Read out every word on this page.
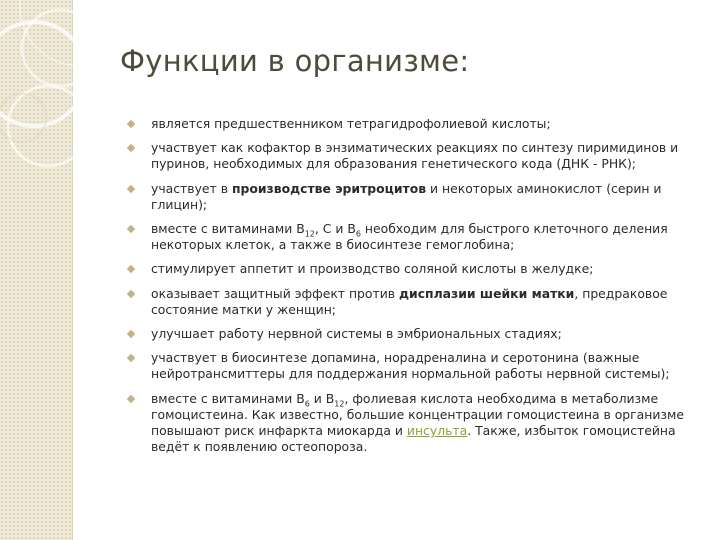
Функции в организме:
является предшественником тетрагидрофолиевой кислоты;
участвует как кофактор в энзиматических реакциях по синтезу пиримидинов и пуринов, необходимых для образования генетического кода (ДНК - РНК);
участвует в производстве эритроцитов и некоторых аминокислот (серин и глицин);
вместе с витаминами $В_{12}$, С и $В_6$ необходим для быстрого клеточного деления некоторых клеток, а также в биосинтезе гемоглобина;
стимулирует аппетит и производство соляной кислоты в желудке;
оказывает защитный эффект против дисплазии шейки матки, предраковое состояние матки у женщин;
улучшает работу нервной системы в эмбриональных стадиях;
участвует в биосинтезе допамина, норадреналина и серотонина (важные нейротрансмиттеры для поддержания нормальной работы нервной системы);
вместе с витаминами $В_6$ и $В_{12}$, фолиевая кислота необходима в метаболизме гомоцистеина. Как известно, большие концентрации гомоцистеина в организме повышают риск инфаркта миокарда и инсульта. Также, избыток гомоцистейна ведёт к появлению остеопороза.
